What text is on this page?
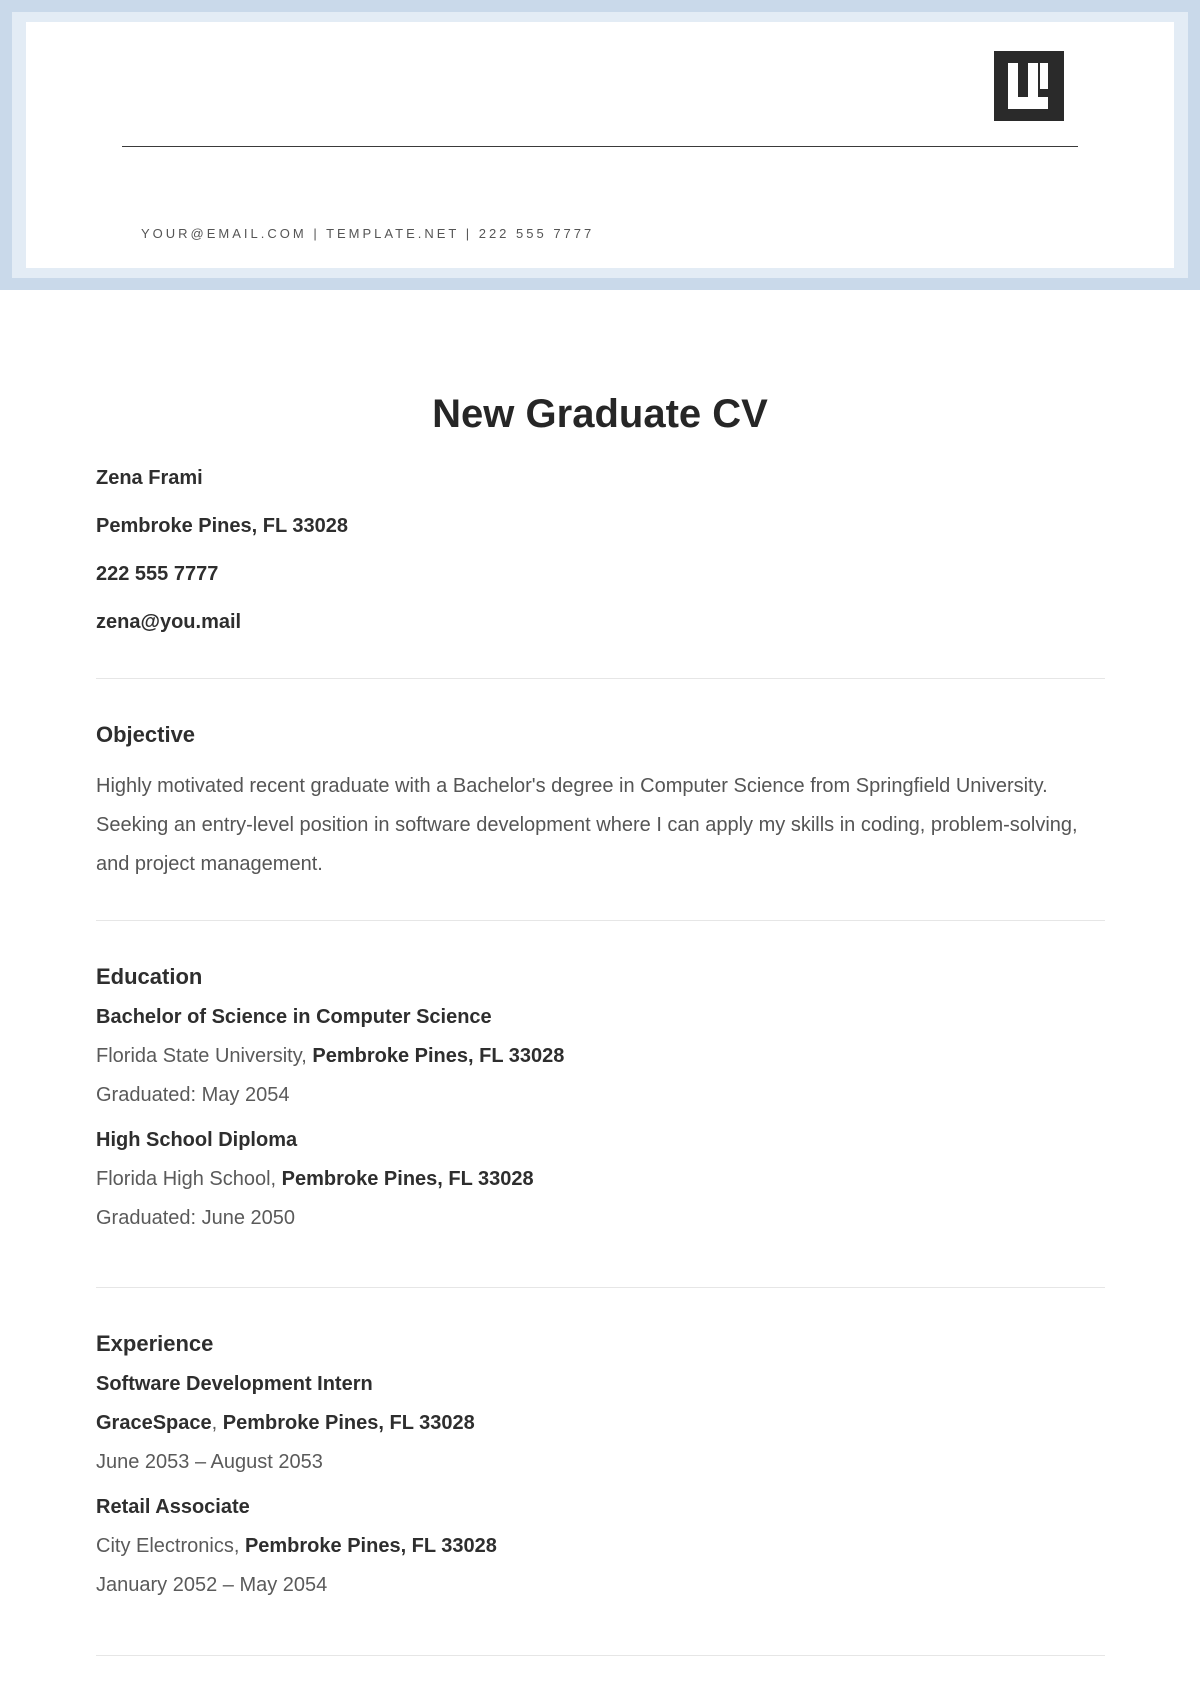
YOUR@EMAIL.COM | TEMPLATE.NET | 222 555 7777
New Graduate CV
Zena Frami
Pembroke Pines, FL 33028
222 555 7777
zena@you.mail
Objective

Highly motivated recent graduate with a Bachelor's degree in Computer Science from Springfield University. Seeking an entry-level position in software development where I can apply my skills in coding, problem-solving, and project management.

Education
Bachelor of Science in Computer Science
Florida State University, Pembroke Pines, FL 33028
Graduated: May 2054
High School Diploma
Florida High School, Pembroke Pines, FL 33028
Graduated: June 2050
Experience
Software Development Intern
GraceSpace, Pembroke Pines, FL 33028
June 2053 – August 2053
Retail Associate
City Electronics, Pembroke Pines, FL 33028
January 2052 – May 2054
